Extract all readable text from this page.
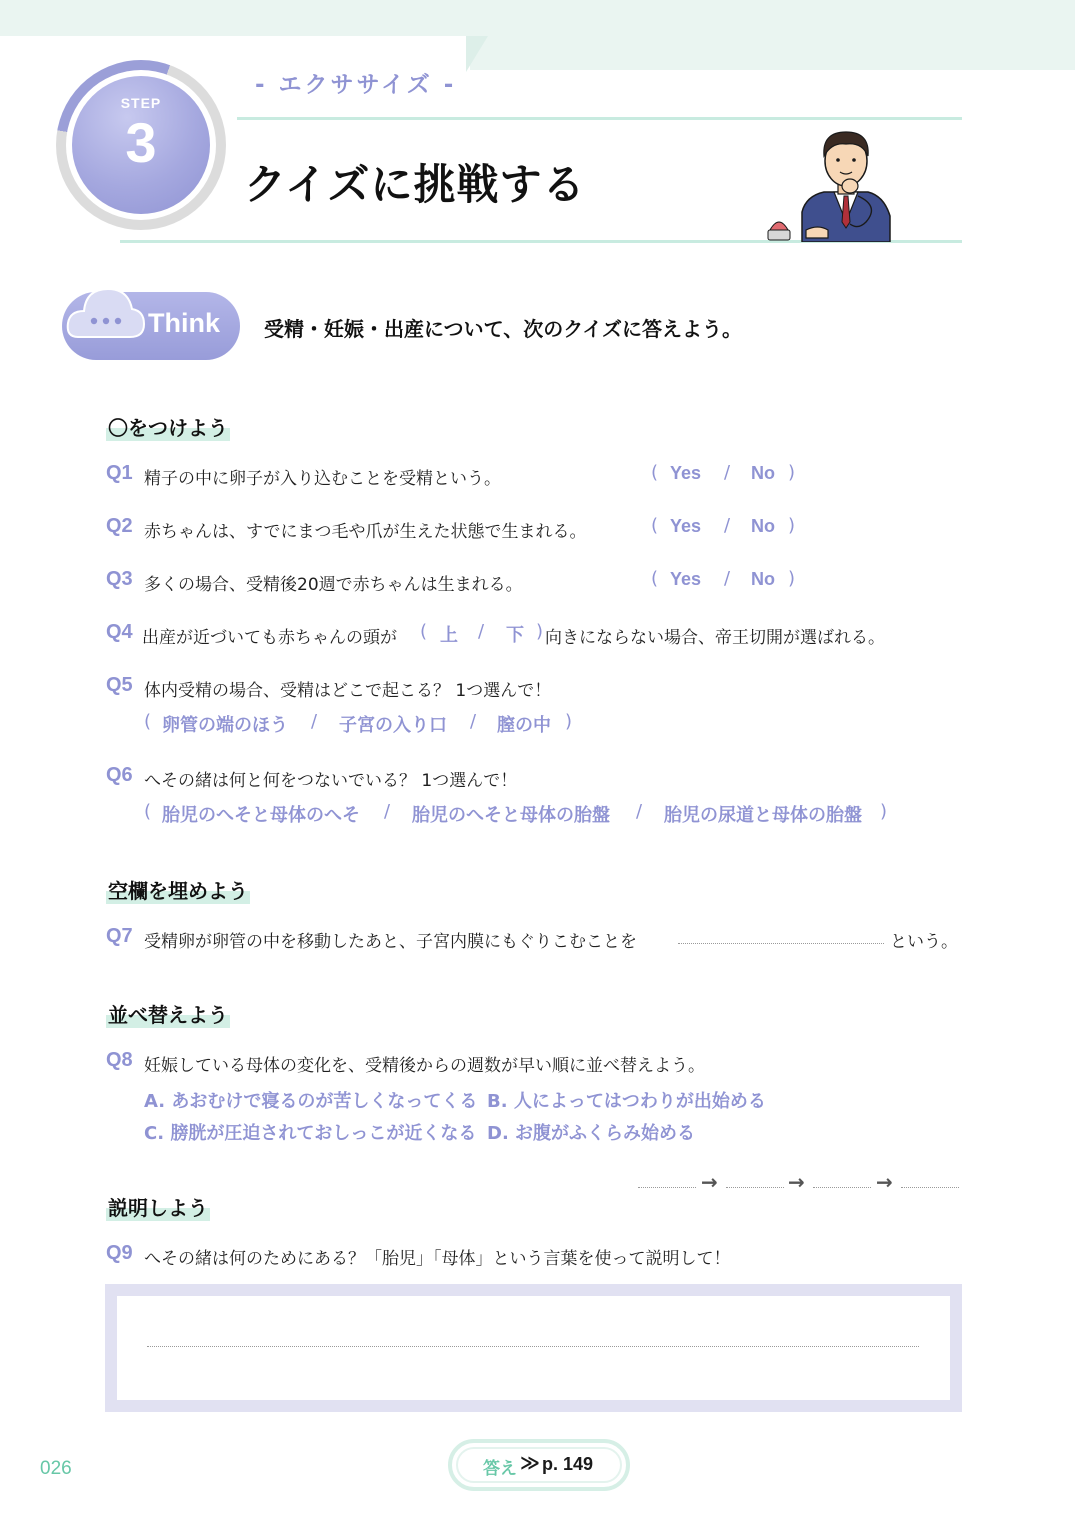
STEP
3
- エクササイズ -
クイズに挑戦する
Think 受精・妊娠・出産について、次のクイズに答えよう。
〇をつけよう
Q1 精子の中に卵子が入り込むことを受精という。	( Yes / No )
Q2 赤ちゃんは、すでにまつ毛や爪が生えた状態で生まれる。	( Yes / No )
Q3 多くの場合、受精後20週で赤ちゃんは生まれる。	( Yes / No )
Q4 出産が近づいても赤ちゃんの頭が ( 上 / 下 ) 向きにならない場合、帝王切開が選ばれる。
Q5 体内受精の場合、受精はどこで起こる？ 1つ選んで！
( 卵管の端のほう / 子宮の入り口 / 膣の中 )
Q6 へその緒は何と何をつないでいる？ 1つ選んで！
( 胎児のへそと母体のへそ / 胎児のへそと母体の胎盤 / 胎児の尿道と母体の胎盤 )
空欄を埋めよう
Q7 受精卵が卵管の中を移動したあと、子宮内膜にもぐりこむことを	という。
並べ替えよう
Q8 妊娠している母体の変化を、受精後からの週数が早い順に並べ替えよう。
A. あおむけで寝るのが苦しくなってくる B. 人によってはつわりが出始める
C. 膀胱が圧迫されておしっこが近くなる D. お腹がふくらみ始める
→	→	→
説明しよう
Q9 へその緒は何のためにある？「胎児」「母体」という言葉を使って説明して！
026	答え ≫ p. 149
